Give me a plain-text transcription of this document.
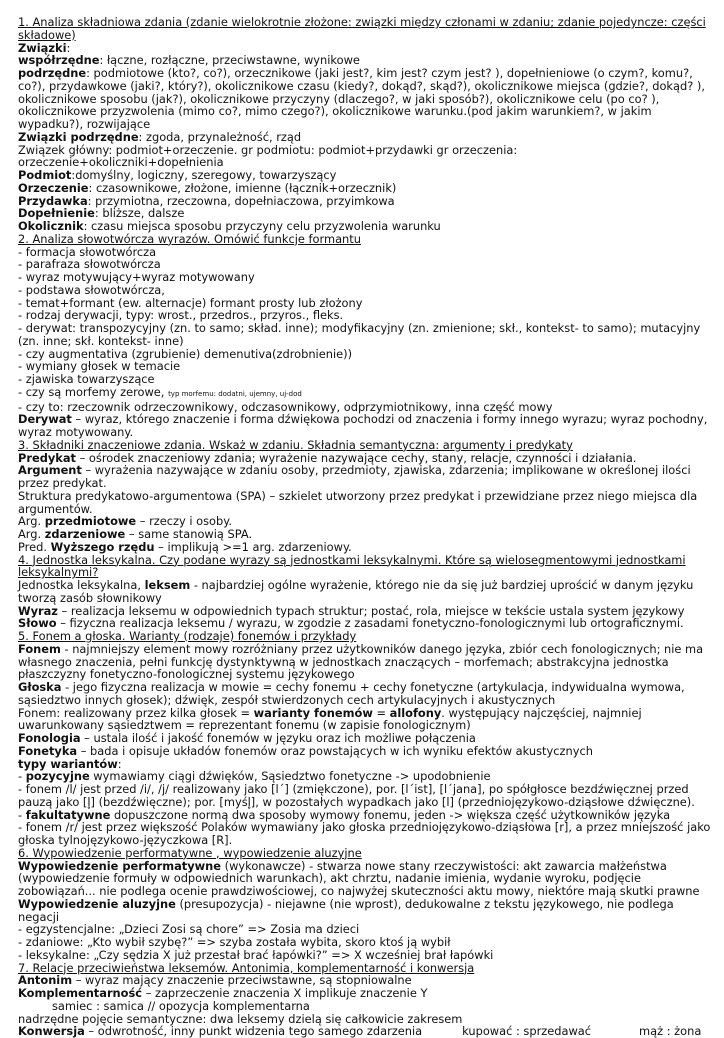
1. Analiza składniowa zdania (zdanie wielokrotnie złożone: związki między członami w zdaniu; zdanie pojedyncze: części składowe)
Związki:
współrzędne: łączne, rozłączne, przeciwstawne, wynikowe
podrzędne: podmiotowe (kto?, co?), orzecznikowe (jaki jest?, kim jest? czym jest? ), dopełnieniowe (o czym?, komu?, co?), przydawkowe (jaki?, który?), okolicznikowe czasu (kiedy?, dokąd?, skąd?), okolicznikowe miejsca (gdzie?, dokąd? ), okolicznikowe sposobu (jak?), okolicznikowe przyczyny (dlaczego?, w jaki sposób?), okolicznikowe celu (po co? ), okolicznikowe przyzwolenia (mimo co?, mimo czego?), okolicznikowe warunku.(pod jakim warunkiem?, w jakim wypadku?), rozwijające
Związki podrzędne: zgoda, przynależność, rząd
Związek główny: podmiot+orzeczenie. gr podmiotu: podmiot+przydawki gr orzeczenia: orzeczenie+okoliczniki+dopełnienia
Podmiot:domyślny, logiczny, szeregowy, towarzyszący
Orzeczenie: czasownikowe, złożone, imienne (łącznik+orzecznik)
Przydawka: przymiotna, rzeczowna, dopełniaczowa, przyimkowa
Dopełnienie: bliższe, dalsze
Okolicznik: czasu miejsca sposobu przyczyny celu przyzwolenia warunku
2. Analiza słowotwórcza wyrazów. Omówić funkcje formantu
- formacja słowotwórcza
- parafraza słowotwórcza
- wyraz motywujący+wyraz motywowany
- podstawa słowotwórcza,
- temat+formant (ew. alternacje) formant prosty lub złożony
- rodzaj derywacji, typy: wrost., przedros., przyros., fleks.
- derywat: transpozycyjny (zn. to samo; skład. inne); modyfikacyjny (zn. zmienione; skł., kontekst- to samo); mutacyjny (zn. inne; skł. kontekst- inne)
- czy augmentativa (zgrubienie) demenutiva(zdrobnienie))
- wymiany głosek w temacie
- zjawiska towarzyszące
- czy są morfemy zerowe, typ morfemu: dodatni, ujemny, uj-dod
- czy to: rzeczownik odrzeczownikowy, odczasownikowy, odprzymiotnikowy, inna część mowy
Derywat – wyraz, którego znaczenie i forma dźwiękowa pochodzi od znaczenia i formy innego wyrazu; wyraz pochodny, wyraz motywowany.
3. Składniki znaczeniowe zdania. Wskaż w zdaniu. Składnia semantyczna: argumenty i predykaty
Predykat – ośrodek znaczeniowy zdania; wyrażenie nazywające cechy, stany, relacje, czynności i działania.
Argument – wyrażenia nazywające w zdaniu osoby, przedmioty, zjawiska, zdarzenia; implikowane w określonej ilości przez predykat.
Struktura predykatowo-argumentowa (SPA) – szkielet utworzony przez predykat i przewidziane przez niego miejsca dla argumentów.
Arg. przedmiotowe – rzeczy i osoby.
Arg. zdarzeniowe – same stanowią SPA.
Pred. Wyższego rzędu – implikują >=1 arg. zdarzeniowy.
4. Jednostka leksykalna. Czy podane wyrazy są jednostkami leksykalnymi. Które są wielosegmentowymi jednostkami leksykalnymi?
Jednostka leksykalna, leksem - najbardziej ogólne wyrażenie, którego nie da się już bardziej uprościć w danym języku tworzą zasób słownikowy
Wyraz – realizacja leksemu w odpowiednich typach struktur; postać, rola, miejsce w tekście ustala system językowy
Słowo – fizyczna realizacja leksemu / wyrazu, w zgodzie z zasadami fonetyczno-fonologicznymi lub ortograficznymi.
5. Fonem a głoska. Warianty (rodzaje) fonemów i przykłady
Fonem - najmniejszy element mowy rozróżniany przez użytkowników danego języka, zbiór cech fonologicznych; nie ma własnego znaczenia, pełni funkcję dystynktywną w jednostkach znaczących – morfemach; abstrakcyjna jednostka płaszczyzny fonetyczno-fonologicznej systemu językowego
Głoska - jego fizyczna realizacja w mowie = cechy fonemu + cechy fonetyczne (artykulacja, indywidualna wymowa, sąsiedztwo innych głosek); dźwięk, zespół stwierdzonych cech artykulacyjnych i akustycznych
Fonem: realizowany przez kilka głosek = warianty fonemów = allofony. występujący najczęściej, najmniej uwarunkowany sąsiedztwem = reprezentant fonemu (w zapisie fonologicznym)
Fonologia – ustala ilość i jakość fonemów w języku oraz ich możliwe połączenia
Fonetyka – bada i opisuje układów fonemów oraz powstających w ich wyniku efektów akustycznych
typy wariantów:
- pozycyjne wymawiamy ciągi dźwięków, Sąsiedztwo fonetyczne -> upodobnienie
- fonem /l/ jest przed /i/, /j/ realizowany jako [l´] (zmiękczone), por. [l´ist], [l´jana], po spółgłosce bezdźwięcznej przed pauzą jako [l̥] (bezdźwięczne); por. [myśl̥], w pozostałych wypadkach jako [l] (przedniojęzykowo-dziąsłowe dźwięczne).
- fakultatywne dopuszczone normą dwa sposoby wymowy fonemu, jeden -> większa część użytkowników języka
- fonem /r/ jest przez większość Polaków wymawiany jako głoska przedniojęzykowo-dziąsłowa [r], a przez mniejszość jako głoska tylnojęzykowo-języczkowa [R].
6. Wypowiedzenie performatywne , wypowiedzenie aluzyjne
Wypowiedzenie performatywne (wykonawcze) - stwarza nowe stany rzeczywistości: akt zawarcia małżeństwa (wypowiedzenie formuły w odpowiednich warunkach), akt chrztu, nadanie imienia, wydanie wyroku, podjęcie zobowiązań... nie podlega ocenie prawdziwościowej, co najwyżej skuteczności aktu mowy, niektóre mają skutki prawne
Wypowiedzenie aluzyjne (presupozycja) - niejawne (nie wprost), dedukowalne z tekstu językowego, nie podlega negacji
- egzystencjalne: „Dzieci Zosi są chore” => Zosia ma dzieci
- zdaniowe: „Kto wybił szybę?” => szyba została wybita, skoro ktoś ją wybił
- leksykalne: „Czy sędzia X już przestał brać łapówki?” => X wcześniej brał łapówki
7. Relacje przeciwieństwa leksemów. Antonimia, komplementarność i konwersja
Antonim – wyraz mający znaczenie przeciwstawne, są stopniowalne
Komplementarność – zaprzeczenie znaczenia X implikuje znaczenie Ysamiec : samica // opozycja komplementarna
nadrzędne pojęcie semantyczne: dwa leksemy dzielą się całkowicie zakresem
Konwersja – odwrotność, inny punkt widzenia tego samego zdarzenia	kupować : sprzedawać	mąż : żona
